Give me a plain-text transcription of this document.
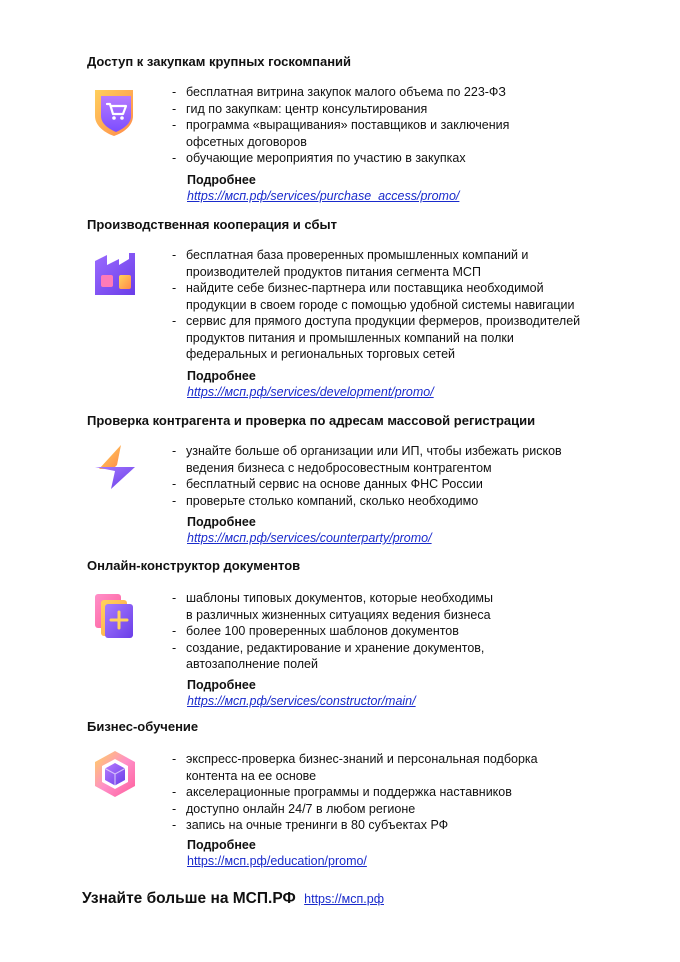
Доступ к закупкам крупных госкомпаний
- бесплатная витрина закупок малого объема по 223-ФЗ
- гид по закупкам: центр консультирования
- программа «выращивания» поставщиков и заключения
офсетных договоров
- обучающие мероприятия по участию в закупках
Подробнее
https://мсп.рф/services/purchase_access/promo/
Производственная кооперация и сбыт
- бесплатная база проверенных промышленных компаний и
производителей продуктов питания сегмента МСП
- найдите себе бизнес-партнера или поставщика необходимой
продукции в своем городе с помощью удобной системы навигации
- сервис для прямого доступа продукции фермеров, производителей
продуктов питания и промышленных компаний на полки
федеральных и региональных торговых сетей
Подробнее
https://мсп.рф/services/development/promo/
Проверка контрагента и проверка по адресам массовой регистрации
- узнайте больше об организации или ИП, чтобы избежать рисков
ведения бизнеса с недобросовестным контрагентом
- бесплатный сервис на основе данных ФНС России
- проверьте столько компаний, сколько необходимо
Подробнее
https://мсп.рф/services/counterparty/promo/
Онлайн-конструктор документов
- шаблоны типовых документов, которые необходимы
в различных жизненных ситуациях ведения бизнеса
- более 100 проверенных шаблонов документов
- создание, редактирование и хранение документов,
автозаполнение полей
Подробнее
https://мсп.рф/services/constructor/main/
Бизнес-обучение
- экспресс-проверка бизнес-знаний и персональная подборка
контента на ее основе
- акселерационные программы и поддержка наставников
- доступно онлайн 24/7 в любом регионе
- запись на очные тренинги в 80 субъектах РФ
Подробнее
https://мсп.рф/education/promo/
Узнайте больше на МСП.РФ https://мсп.рф
